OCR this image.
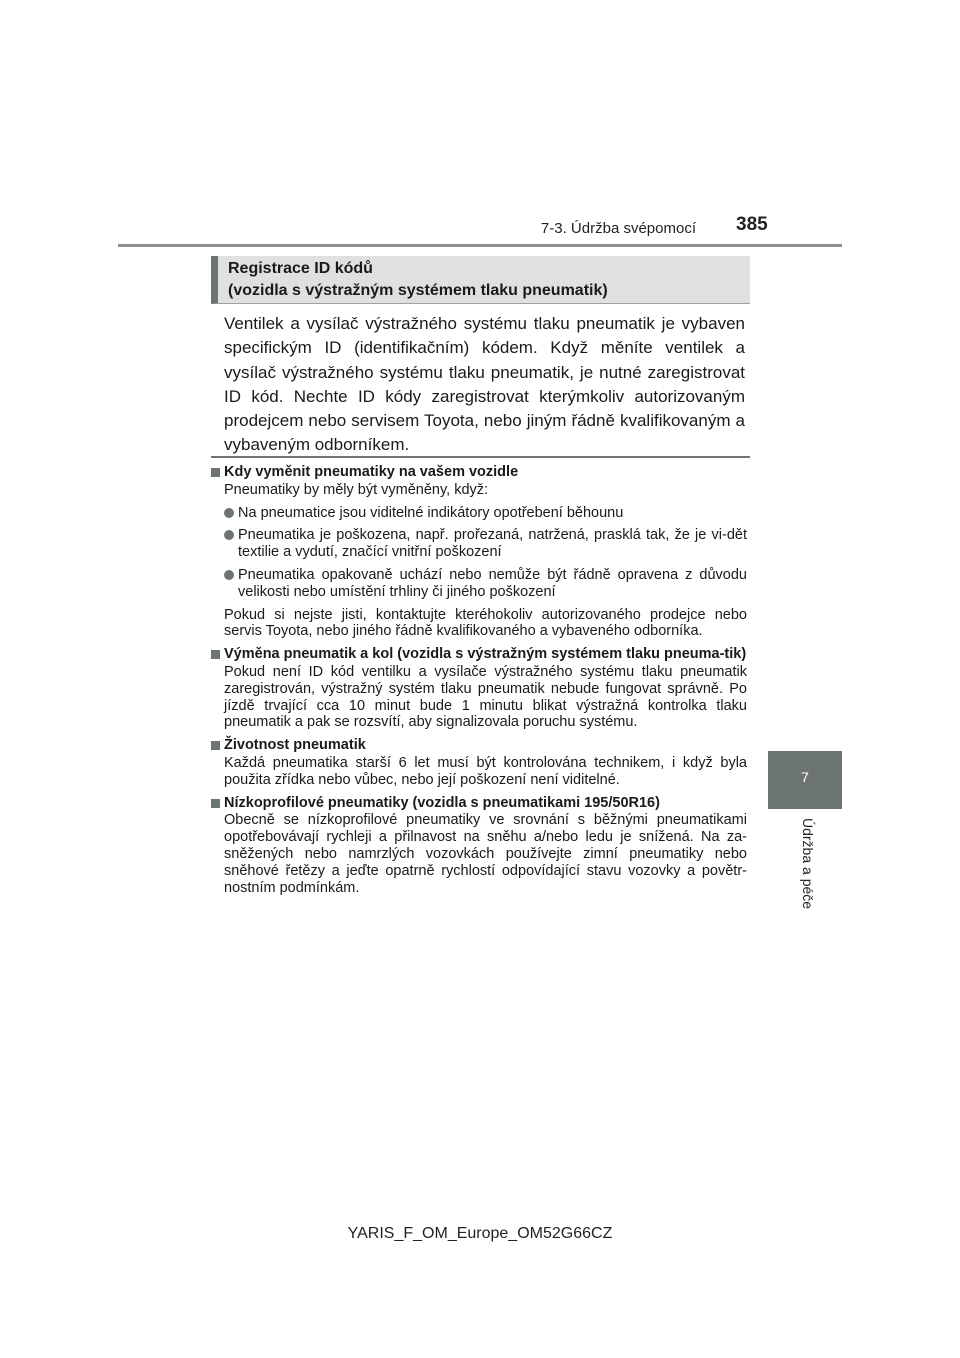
7-3. Údržba svépomocí 385
7
Údržba a péče
Registrace ID kódů
(vozidla s výstražným systémem tlaku pneumatik)
Ventilek a vysílač výstražného systému tlaku pneumatik je vybaven specifickým ID (identifikačním) kódem. Když měníte ventilek a vysílač výstražného systému tlaku pneumatik, je nutné zaregistrovat ID kód. Nechte ID kódy zaregistrovat kterýmkoliv autorizovaným prodejcem nebo servisem Toyota, nebo jiným řádně kvalifikovaným a vybaveným odborníkem.
Kdy vyměnit pneumatiky na vašem vozidle
Pneumatiky by měly být vyměněny, když:
Na pneumatice jsou viditelné indikátory opotřebení běhounu
Pneumatika je poškozena, např. prořezaná, natržená, prasklá tak, že je vi-dět textilie a vydutí, značící vnitřní poškození
Pneumatika opakovaně uchází nebo nemůže být řádně opravena z důvodu velikosti nebo umístění trhliny či jiného poškození
Pokud si nejste jisti, kontaktujte kteréhokoliv autorizovaného prodejce nebo servis Toyota, nebo jiného řádně kvalifikovaného a vybaveného odborníka.
Výměna pneumatik a kol (vozidla s výstražným systémem tlaku pneuma-tik)
Pokud není ID kód ventilku a vysílače výstražného systému tlaku pneumatik zaregistrován, výstražný systém tlaku pneumatik nebude fungovat správně. Po jízdě trvající cca 10 minut bude 1 minutu blikat výstražná kontrolka tlaku pneumatik a pak se rozsvítí, aby signalizovala poruchu systému.
Životnost pneumatik
Každá pneumatika starší 6 let musí být kontrolována technikem, i když byla použita zřídka nebo vůbec, nebo její poškození není viditelné.
Nízkoprofilové pneumatiky (vozidla s pneumatikami 195/50R16)
Obecně se nízkoprofilové pneumatiky ve srovnání s běžnými pneumatikami opotřebovávají rychleji a přilnavost na sněhu a/nebo ledu je snížená. Na za-sněžených nebo namrzlých vozovkách používejte zimní pneumatiky nebo sněhové řetězy a jeďte opatrně rychlostí odpovídající stavu vozovky a povětr-nostním podmínkám.
YARIS_F_OM_Europe_OM52G66CZ
